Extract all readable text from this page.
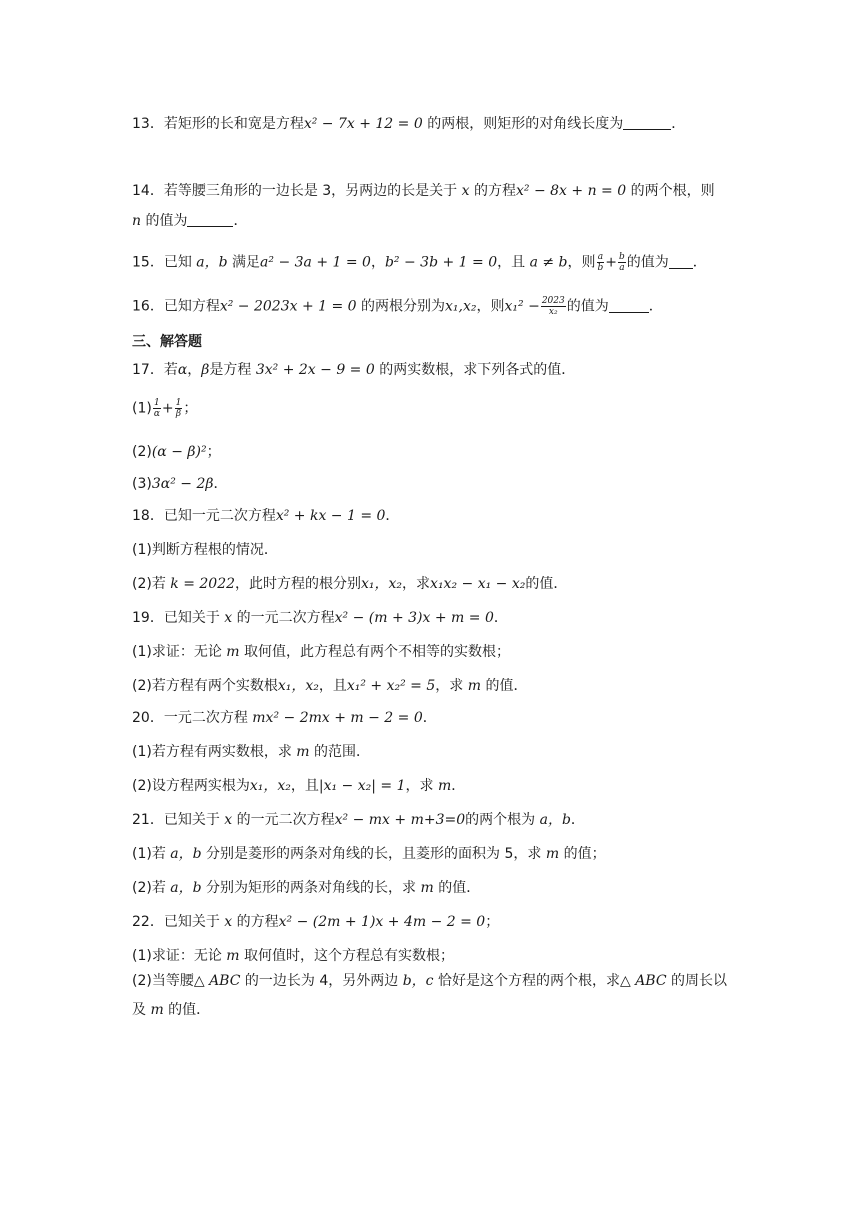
13．若矩形的长和宽是方程x² − 7x + 12 = 0 的两根，则矩形的对角线长度为	．
14．若等腰三角形的一边长是 3，另两边的长是关于 x 的方程x² − 8x + n = 0 的两个根，则
n 的值为	．
15．已知 a，b 满足a² − 3a + 1 = 0，b² − 3b + 1 = 0，且 a ≠ b，则 $\frac{a}{b} + \frac{b}{a}$ 的值为 ．
16．已知方程x² − 2023x + 1 = 0 的两根分别为x₁,x₂，则$x_1^2 - \frac{2023}{\text{x₂}}$ 的值为	．
三、解答题
17．若α，β是方程 3x² + 2x − 9 = 0 的两实数根，求下列各式的值．
$(1) \frac{1}{\alpha} + \frac{1}{\beta}$ ；
(2)(α − β)²；
(3)3α² − 2β．
18．已知一元二次方程x² + kx − 1 = 0．
(1)判断方程根的情况．
(2)若 k = 2022，此时方程的根分别x₁，x₂，求x₁x₂ − x₁ − x₂的值．
19．已知关于 x 的一元二次方程x² − (m + 3)x + m = 0．
(1)求证：无论 m 取何值，此方程总有两个不相等的实数根；
(2)若方程有两个实数根x₁，x₂，且x₁² + x₂² = 5，求 m 的值．
20．一元二次方程 mx² − 2mx + m − 2 = 0．
(1)若方程有两实数根，求 m 的范围．
(2)设方程两实根为x₁，x₂，且|x₁ − x₂| = 1，求 m．
21．已知关于 x 的一元二次方程x² − mx + m+3=0的两个根为 a，b．
(1)若 a，b 分别是菱形的两条对角线的长，且菱形的面积为 5，求 m 的值；
(2)若 a，b 分别为矩形的两条对角线的长，求 m 的值．
22．已知关于 x 的方程x² − (2m + 1)x + 4m − 2 = 0；
(1)求证：无论 m 取何值时，这个方程总有实数根；
(2)当等腰△ ABC 的一边长为 4，另外两边 b，c 恰好是这个方程的两个根，求△ ABC 的周长以及 m 的值．
